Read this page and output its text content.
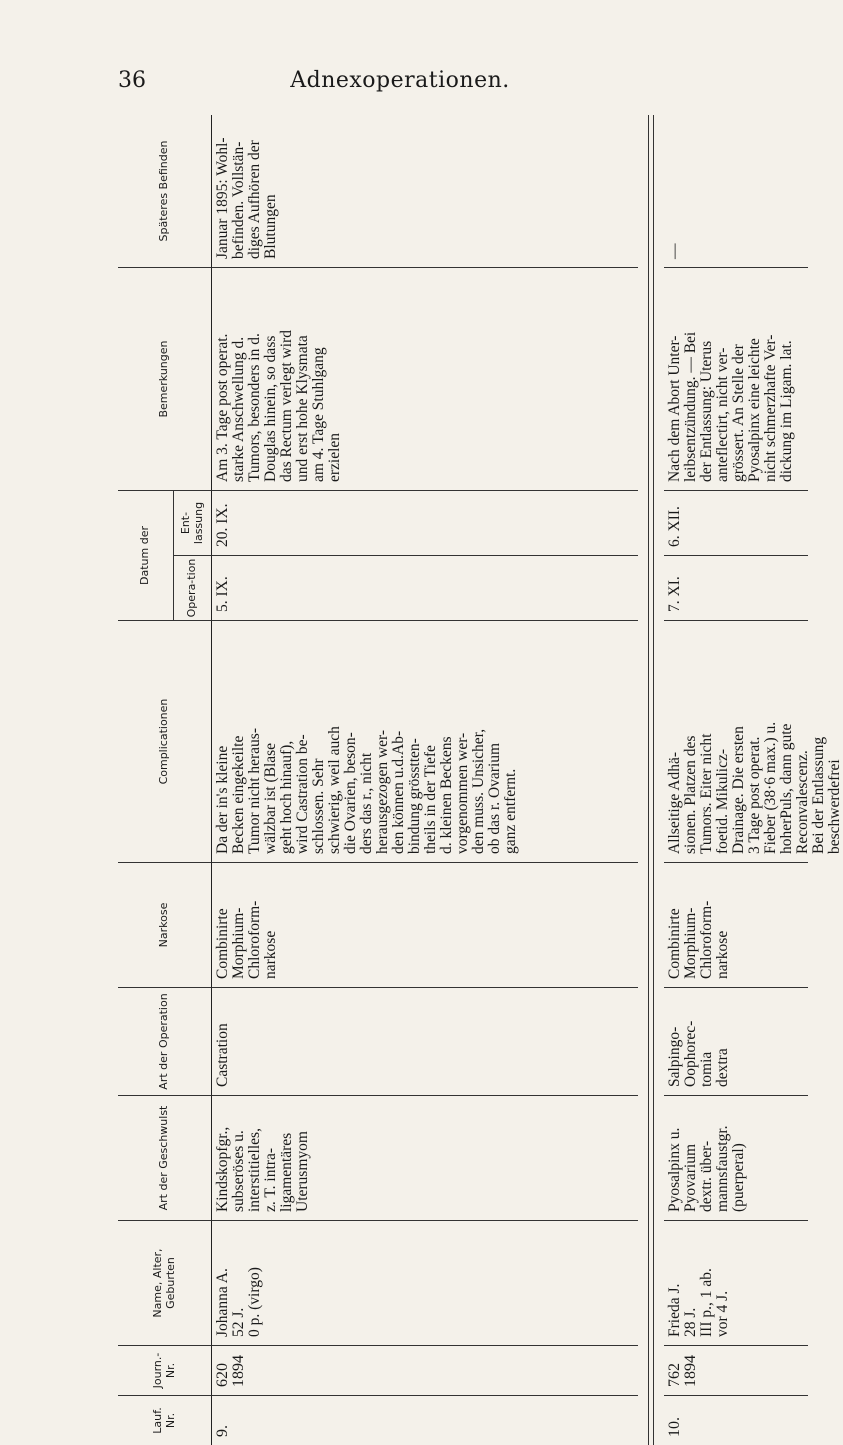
36	Adnexoperationen.
Lauf. Nr.
Journ.-Nr.
Name, Alter, Geburten
Art der Geschwulst
Art der Operation
Narkose
Complicationen
Datum der
Opera-tion
Ent-lassung
Bemerkungen
Späteres Befinden
9.
620 1894
Johanna A. 52 J. 0 p. (virgo)
Kindskopfgr., subseröses u. interstitielles, z. T. intra- ligamentäres Uterusmyom
Castration
Combinirte Morphium- Chloroform- narkose
Da der in's kleine Becken eingekeilte Tumor nicht heraus- wälzbar ist (Blase geht hoch hinauf), wird Castration be- schlossen. Sehr schwierig, weil auch die Ovarien, beson- ders das r., nicht herausgezogen wer- den können u.d.Ab- bindung grösstten- theils in der Tiefe d. kleinen Beckens vorgenommen wer- den muss. Unsicher, ob das r. Ovarium ganz entfernt.
5. IX.
20. IX.
Am 3. Tage post operat. starke Anschwellung d. Tumors, besonders in d. Douglas hinein, so dass das Rectum verlegt wird und erst hohe Klysmata am 4. Tage Stuhlgang erzielen
Januar 1895: Wohl- befinden. Vollstän- diges Aufhören der Blutungen
10.
762 1894
Frieda J. 28 J. III p., 1 ab. vor 4 J.
Pyosalpinx u. Pyovarium dextr. über- mannsfaustgr. (puerperal)
Salpingo- Oophorec- tomia dextra
Combinirte Morphium- Chloroform- narkose
Allseitige Adhä- sionen. Platzen des Tumors. Eiter nicht foetid. Mikulicz- Drainage. Die ersten 3 Tage post operat. Fieber (38·6 max.) u. hoherPuls, dann gute Reconvalescenz. Bei der Entlassung beschwerdefrei
7. XI.
6. XII.
Nach dem Abort Unter- leibsentzündung. — Bei der Entlassung: Uterus anteflectirt, nicht ver- grössert. An Stelle der Pyosalpinx eine leichte nicht schmerzhafte Ver- dickung im Ligam. lat.
—
